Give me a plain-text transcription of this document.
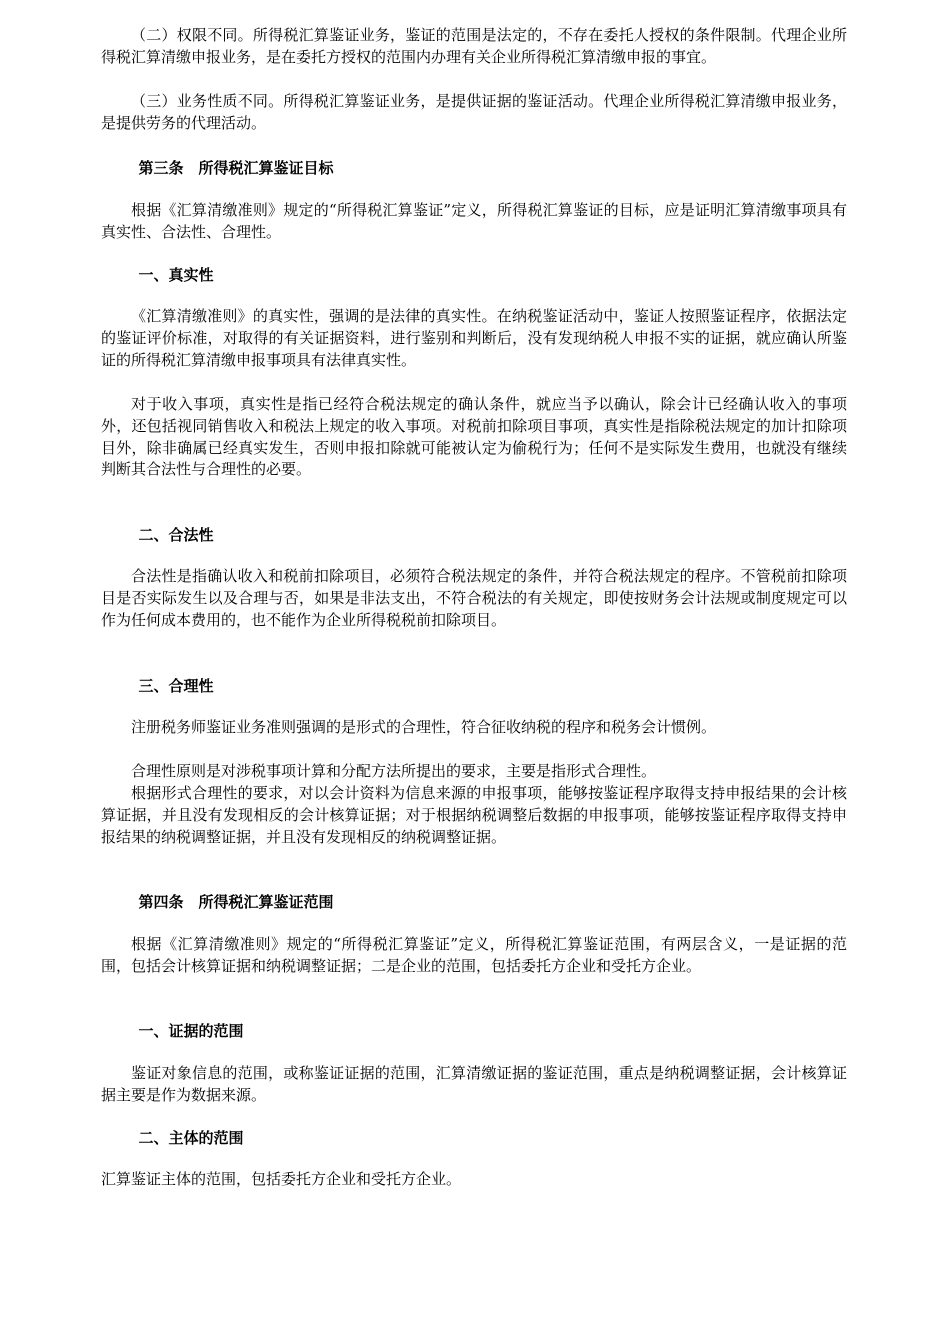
（二）权限不同。所得税汇算鉴证业务，鉴证的范围是法定的，不存在委托人授权的条件限制。代理企业所得税汇算清缴申报业务，是在委托方授权的范围内办理有关企业所得税汇算清缴申报的事宜。

（三）业务性质不同。所得税汇算鉴证业务，是提供证据的鉴证活动。代理企业所得税汇算清缴申报业务，是提供劳务的代理活动。

第三条　所得税汇算鉴证目标

根据《汇算清缴准则》规定的“所得税汇算鉴证”定义，所得税汇算鉴证的目标，应是证明汇算清缴事项具有真实性、合法性、合理性。

一、真实性

《汇算清缴准则》的真实性，强调的是法律的真实性。在纳税鉴证活动中，鉴证人按照鉴证程序，依据法定的鉴证评价标准，对取得的有关证据资料，进行鉴别和判断后，没有发现纳税人申报不实的证据，就应确认所鉴证的所得税汇算清缴申报事项具有法律真实性。

对于收入事项，真实性是指已经符合税法规定的确认条件，就应当予以确认，除会计已经确认收入的事项外，还包括视同销售收入和税法上规定的收入事项。对税前扣除项目事项，真实性是指除税法规定的加计扣除项目外，除非确属已经真实发生，否则申报扣除就可能被认定为偷税行为；任何不是实际发生费用，也就没有继续判断其合法性与合理性的必要。

二、合法性

合法性是指确认收入和税前扣除项目，必须符合税法规定的条件，并符合税法规定的程序。不管税前扣除项目是否实际发生以及合理与否，如果是非法支出，不符合税法的有关规定，即使按财务会计法规或制度规定可以作为任何成本费用的，也不能作为企业所得税税前扣除项目。

三、合理性

注册税务师鉴证业务准则强调的是形式的合理性，符合征收纳税的程序和税务会计惯例。

合理性原则是对涉税事项计算和分配方法所提出的要求，主要是指形式合理性。

根据形式合理性的要求，对以会计资料为信息来源的申报事项，能够按鉴证程序取得支持申报结果的会计核算证据，并且没有发现相反的会计核算证据；对于根据纳税调整后数据的申报事项，能够按鉴证程序取得支持申报结果的纳税调整证据，并且没有发现相反的纳税调整证据。

第四条　所得税汇算鉴证范围

根据《汇算清缴准则》规定的“所得税汇算鉴证”定义，所得税汇算鉴证范围，有两层含义，一是证据的范围，包括会计核算证据和纳税调整证据；二是企业的范围，包括委托方企业和受托方企业。

一、证据的范围

鉴证对象信息的范围，或称鉴证证据的范围，汇算清缴证据的鉴证范围，重点是纳税调整证据，会计核算证据主要是作为数据来源。

二、主体的范围

汇算鉴证主体的范围，包括委托方企业和受托方企业。
